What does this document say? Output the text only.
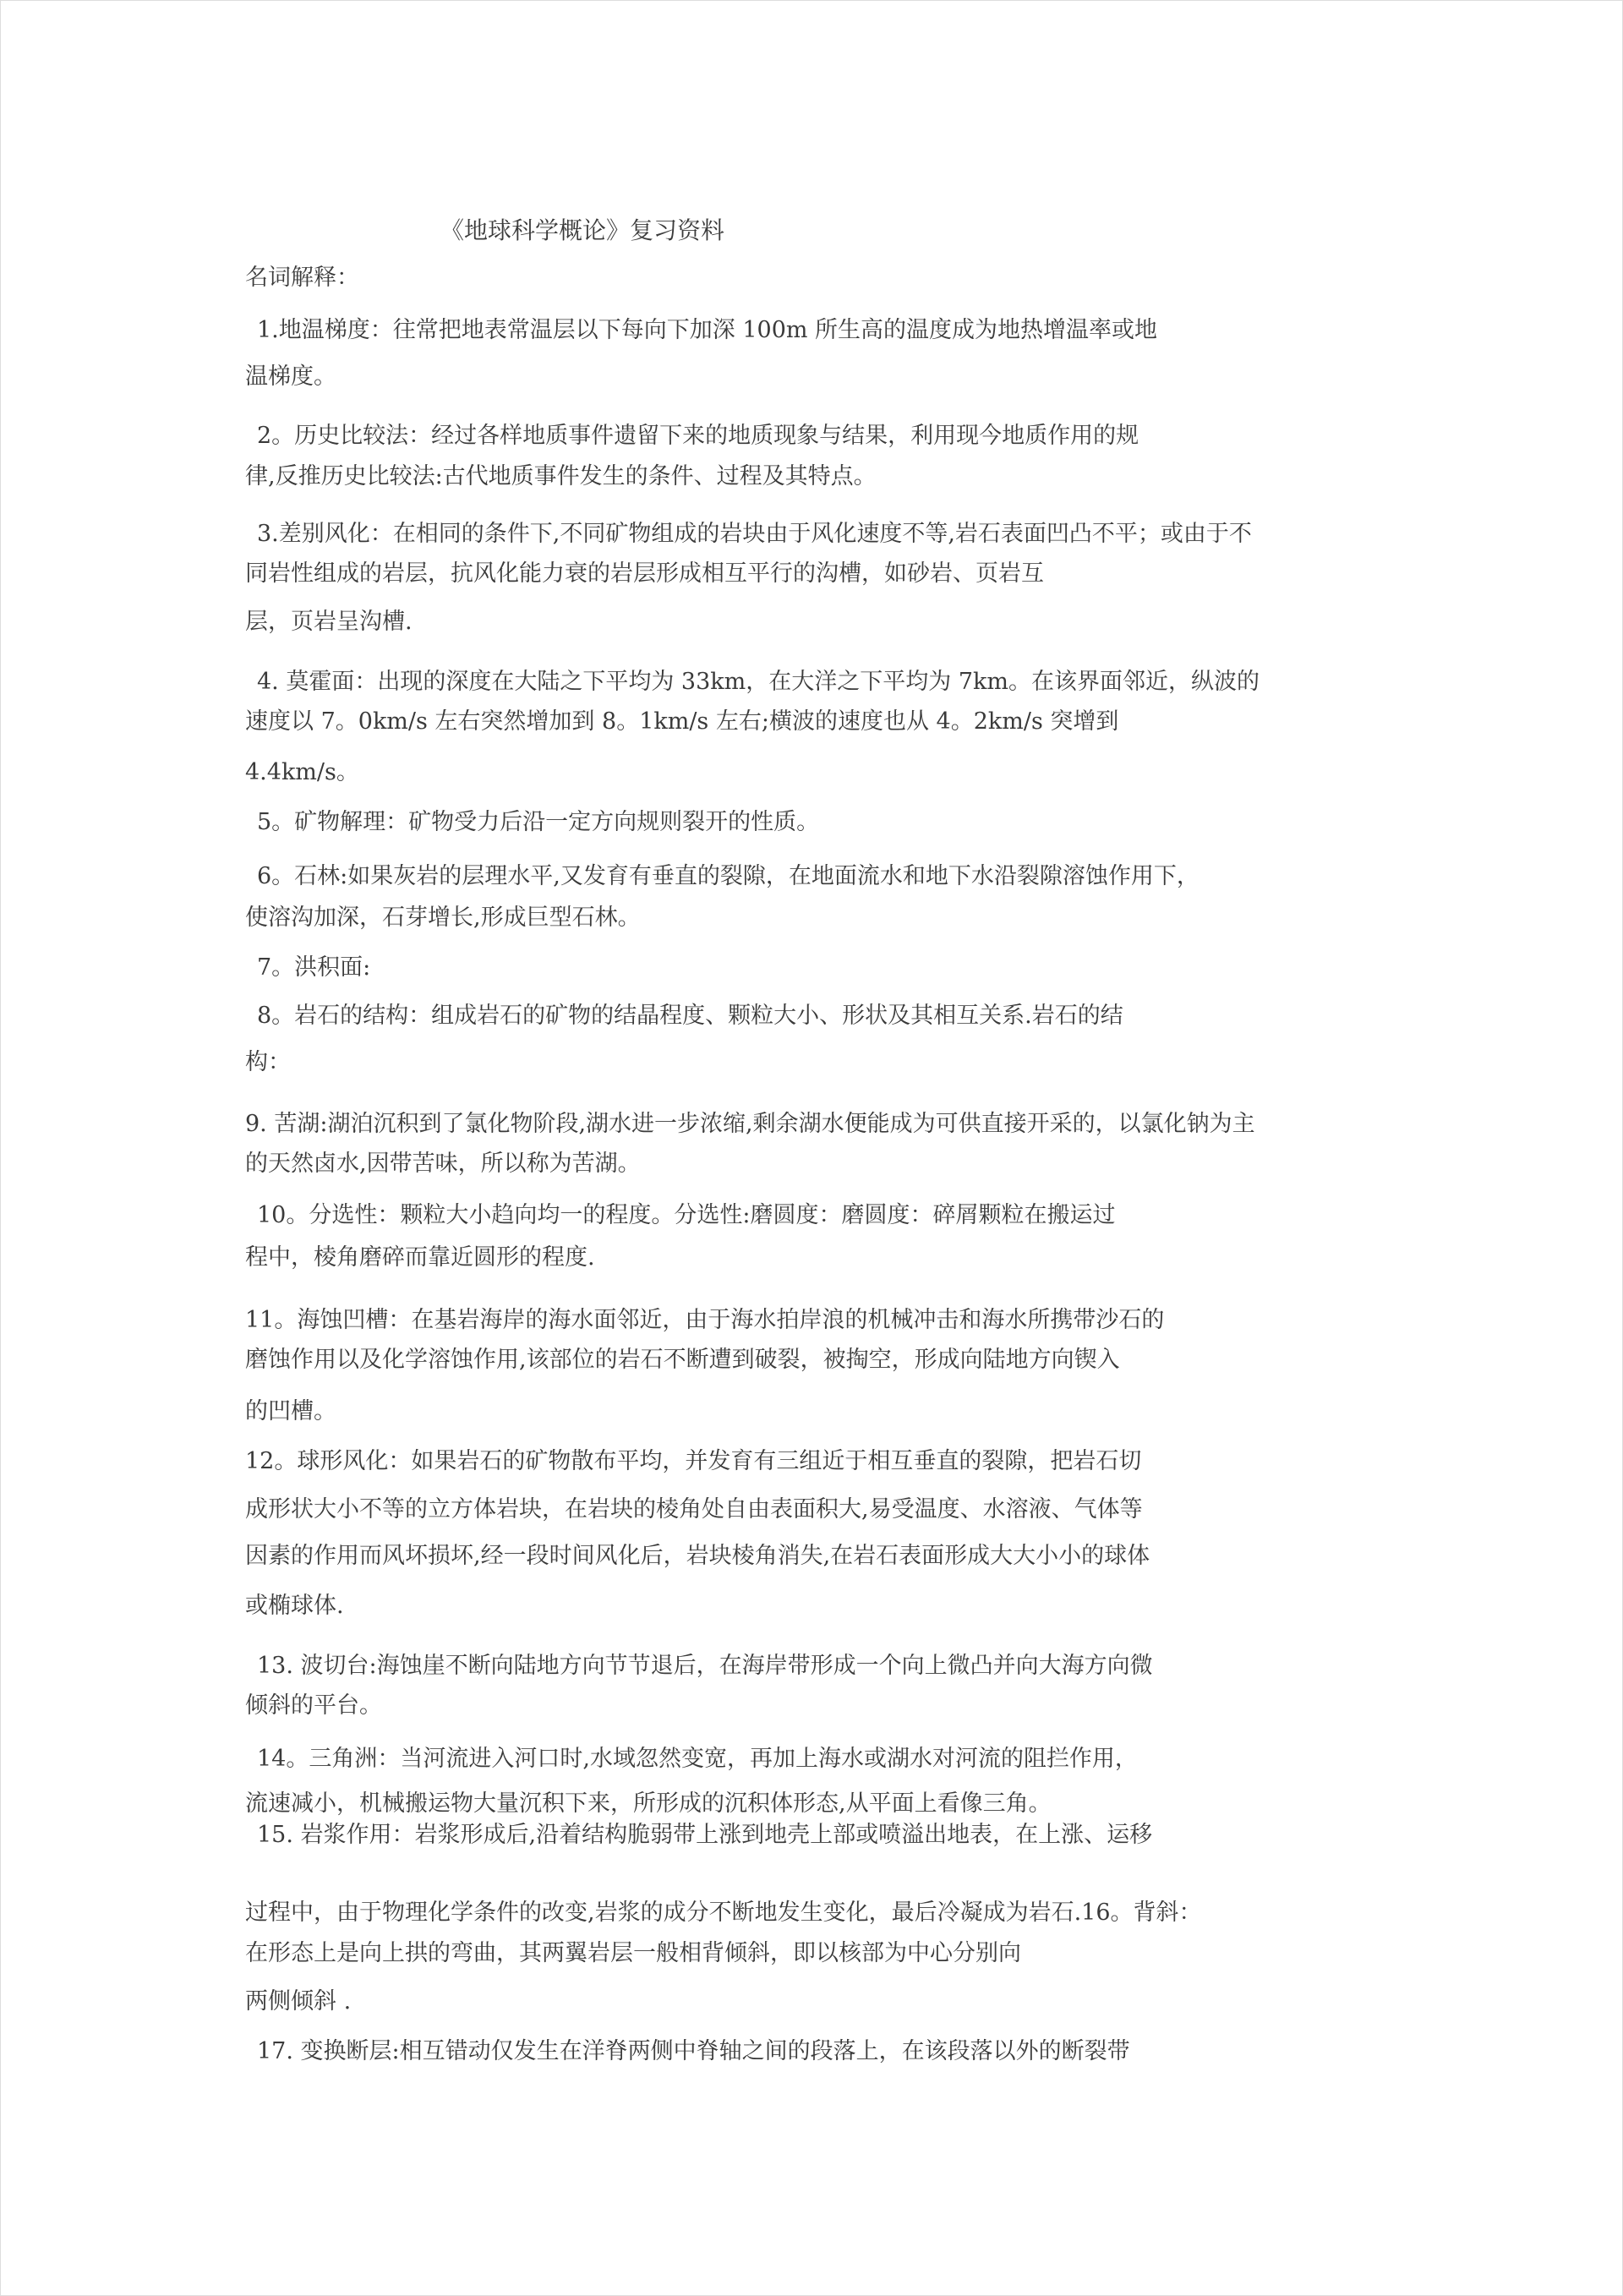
《地球科学概论》复习资料
名词解释：
1.地温梯度：往常把地表常温层以下每向下加深 100m 所生高的温度成为地热增温率或地
温梯度。
2。历史比较法：经过各样地质事件遗留下来的地质现象与结果，利用现今地质作用的规
律,反推历史比较法:古代地质事件发生的条件、过程及其特点。
3.差别风化：在相同的条件下,不同矿物组成的岩块由于风化速度不等,岩石表面凹凸不平；或由于不
同岩性组成的岩层，抗风化能力衰的岩层形成相互平行的沟槽，如砂岩、页岩互
层，页岩呈沟槽.
4. 莫霍面：出现的深度在大陆之下平均为 33km，在大洋之下平均为 7km。在该界面邻近，纵波的
速度以 7。0km/s 左右突然增加到 8。1km/s 左右;横波的速度也从 4。2km/s 突增到
4.4km/s。
5。矿物解理：矿物受力后沿一定方向规则裂开的性质。
6。石林:如果灰岩的层理水平,又发育有垂直的裂隙，在地面流水和地下水沿裂隙溶蚀作用下，
使溶沟加深，石芽增长,形成巨型石林。
7。洪积面:
8。岩石的结构：组成岩石的矿物的结晶程度、颗粒大小、形状及其相互关系.岩石的结
构：
9. 苦湖:湖泊沉积到了氯化物阶段,湖水进一步浓缩,剩余湖水便能成为可供直接开采的，以氯化钠为主
的天然卤水,因带苦味，所以称为苦湖。
10。分选性：颗粒大小趋向均一的程度。分选性:磨圆度：磨圆度：碎屑颗粒在搬运过
程中，棱角磨碎而靠近圆形的程度.
11。海蚀凹槽：在基岩海岸的海水面邻近，由于海水拍岸浪的机械冲击和海水所携带沙石的
磨蚀作用以及化学溶蚀作用,该部位的岩石不断遭到破裂，被掏空，形成向陆地方向锲入
的凹槽。
12。球形风化：如果岩石的矿物散布平均，并发育有三组近于相互垂直的裂隙，把岩石切
成形状大小不等的立方体岩块，在岩块的棱角处自由表面积大,易受温度、水溶液、气体等
因素的作用而风坏损坏,经一段时间风化后，岩块棱角消失,在岩石表面形成大大小小的球体
或椭球体.
13. 波切台:海蚀崖不断向陆地方向节节退后，在海岸带形成一个向上微凸并向大海方向微
倾斜的平台。
14。三角洲：当河流进入河口时,水域忽然变宽，再加上海水或湖水对河流的阻拦作用，
流速减小，机械搬运物大量沉积下来，所形成的沉积体形态,从平面上看像三角。
15. 岩浆作用：岩浆形成后,沿着结构脆弱带上涨到地壳上部或喷溢出地表，在上涨、运移
过程中，由于物理化学条件的改变,岩浆的成分不断地发生变化，最后冷凝成为岩石.16。背斜：
在形态上是向上拱的弯曲，其两翼岩层一般相背倾斜，即以核部为中心分别向
两侧倾斜 .
17. 变换断层:相互错动仅发生在洋脊两侧中脊轴之间的段落上，在该段落以外的断裂带
